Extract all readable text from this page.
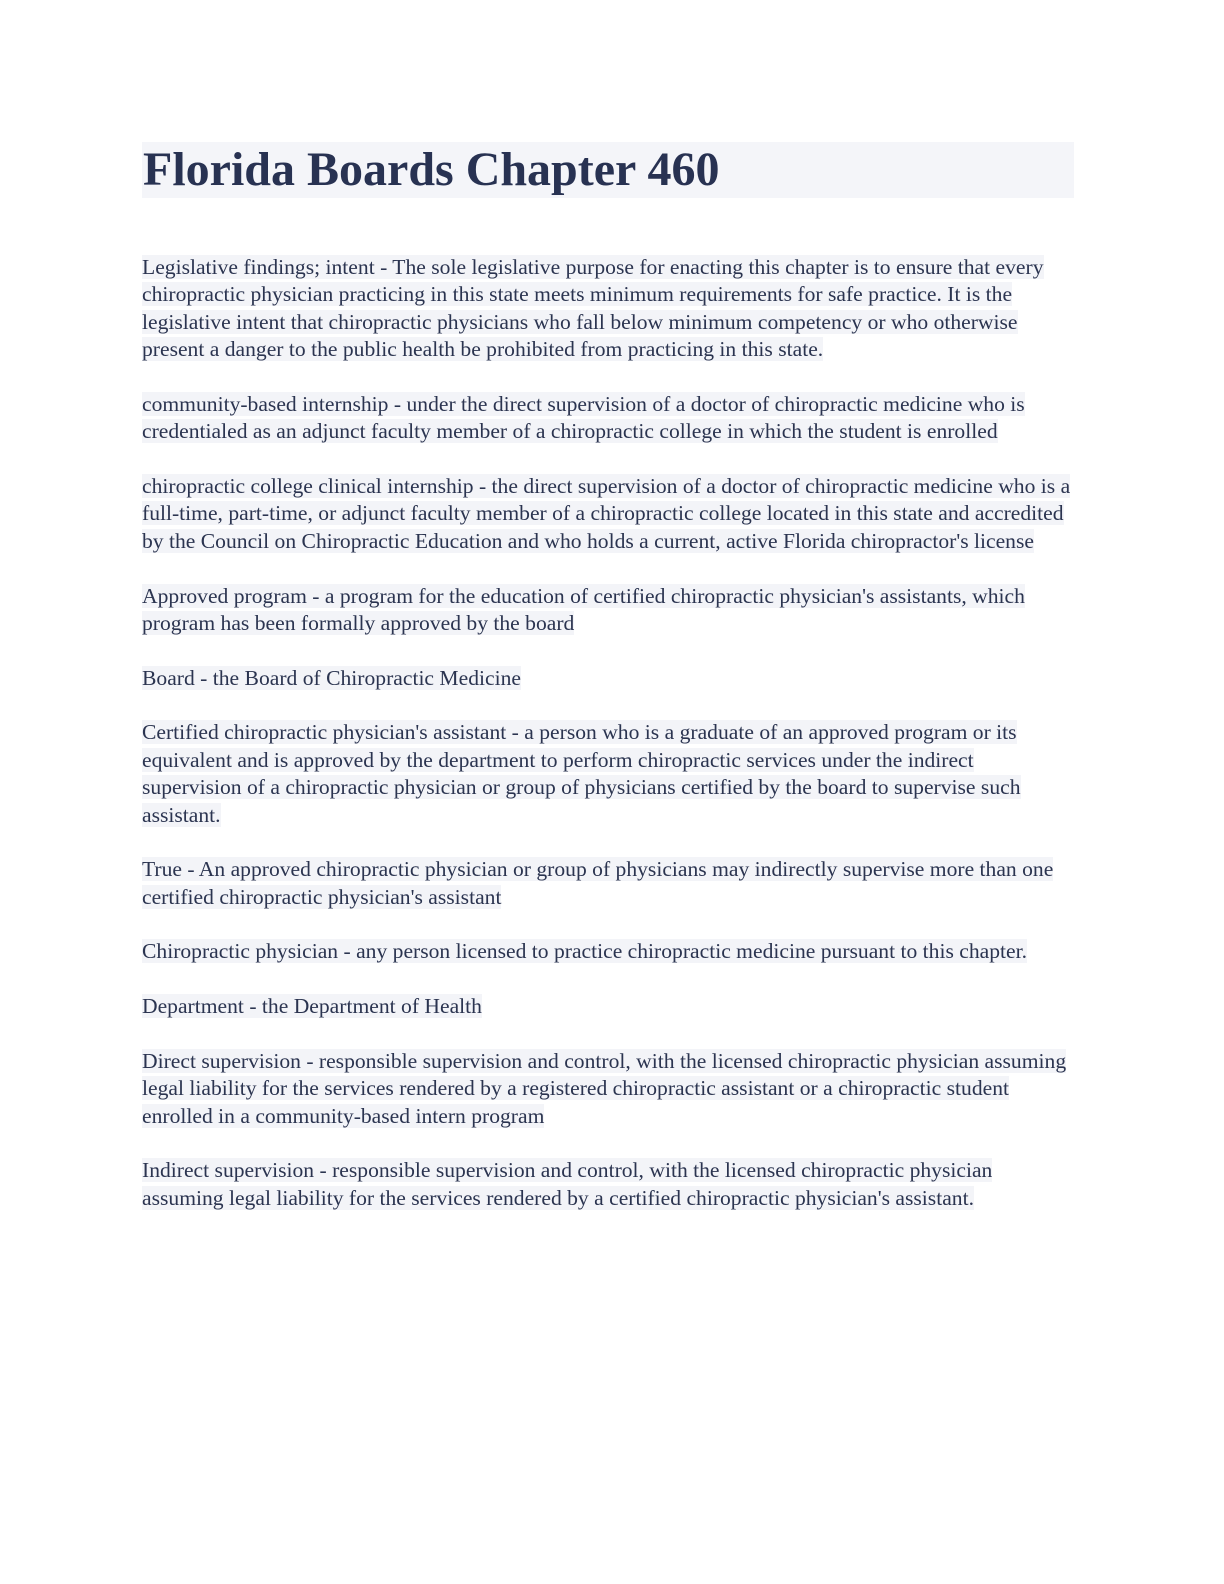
Florida Boards Chapter 460

Legislative findings; intent - The sole legislative purpose for enacting this chapter is to ensure that every chiropractic physician practicing in this state meets minimum requirements for safe practice. It is the legislative intent that chiropractic physicians who fall below minimum competency or who otherwise present a danger to the public health be prohibited from practicing in this state.

community-based internship - under the direct supervision of a doctor of chiropractic medicine who is credentialed as an adjunct faculty member of a chiropractic college in which the student is enrolled

chiropractic college clinical internship - the direct supervision of a doctor of chiropractic medicine who is a full-time, part-time, or adjunct faculty member of a chiropractic college located in this state and accredited by the Council on Chiropractic Education and who holds a current, active Florida chiropractor's license

Approved program - a program for the education of certified chiropractic physician's assistants, which program has been formally approved by the board

Board - the Board of Chiropractic Medicine

Certified chiropractic physician's assistant - a person who is a graduate of an approved program or its equivalent and is approved by the department to perform chiropractic services under the indirect supervision of a chiropractic physician or group of physicians certified by the board to supervise such assistant.

True - An approved chiropractic physician or group of physicians may indirectly supervise more than one certified chiropractic physician's assistant

Chiropractic physician - any person licensed to practice chiropractic medicine pursuant to this chapter.

Department - the Department of Health

Direct supervision - responsible supervision and control, with the licensed chiropractic physician assuming legal liability for the services rendered by a registered chiropractic assistant or a chiropractic student enrolled in a community-based intern program

Indirect supervision - responsible supervision and control, with the licensed chiropractic physician assuming legal liability for the services rendered by a certified chiropractic physician's assistant.
